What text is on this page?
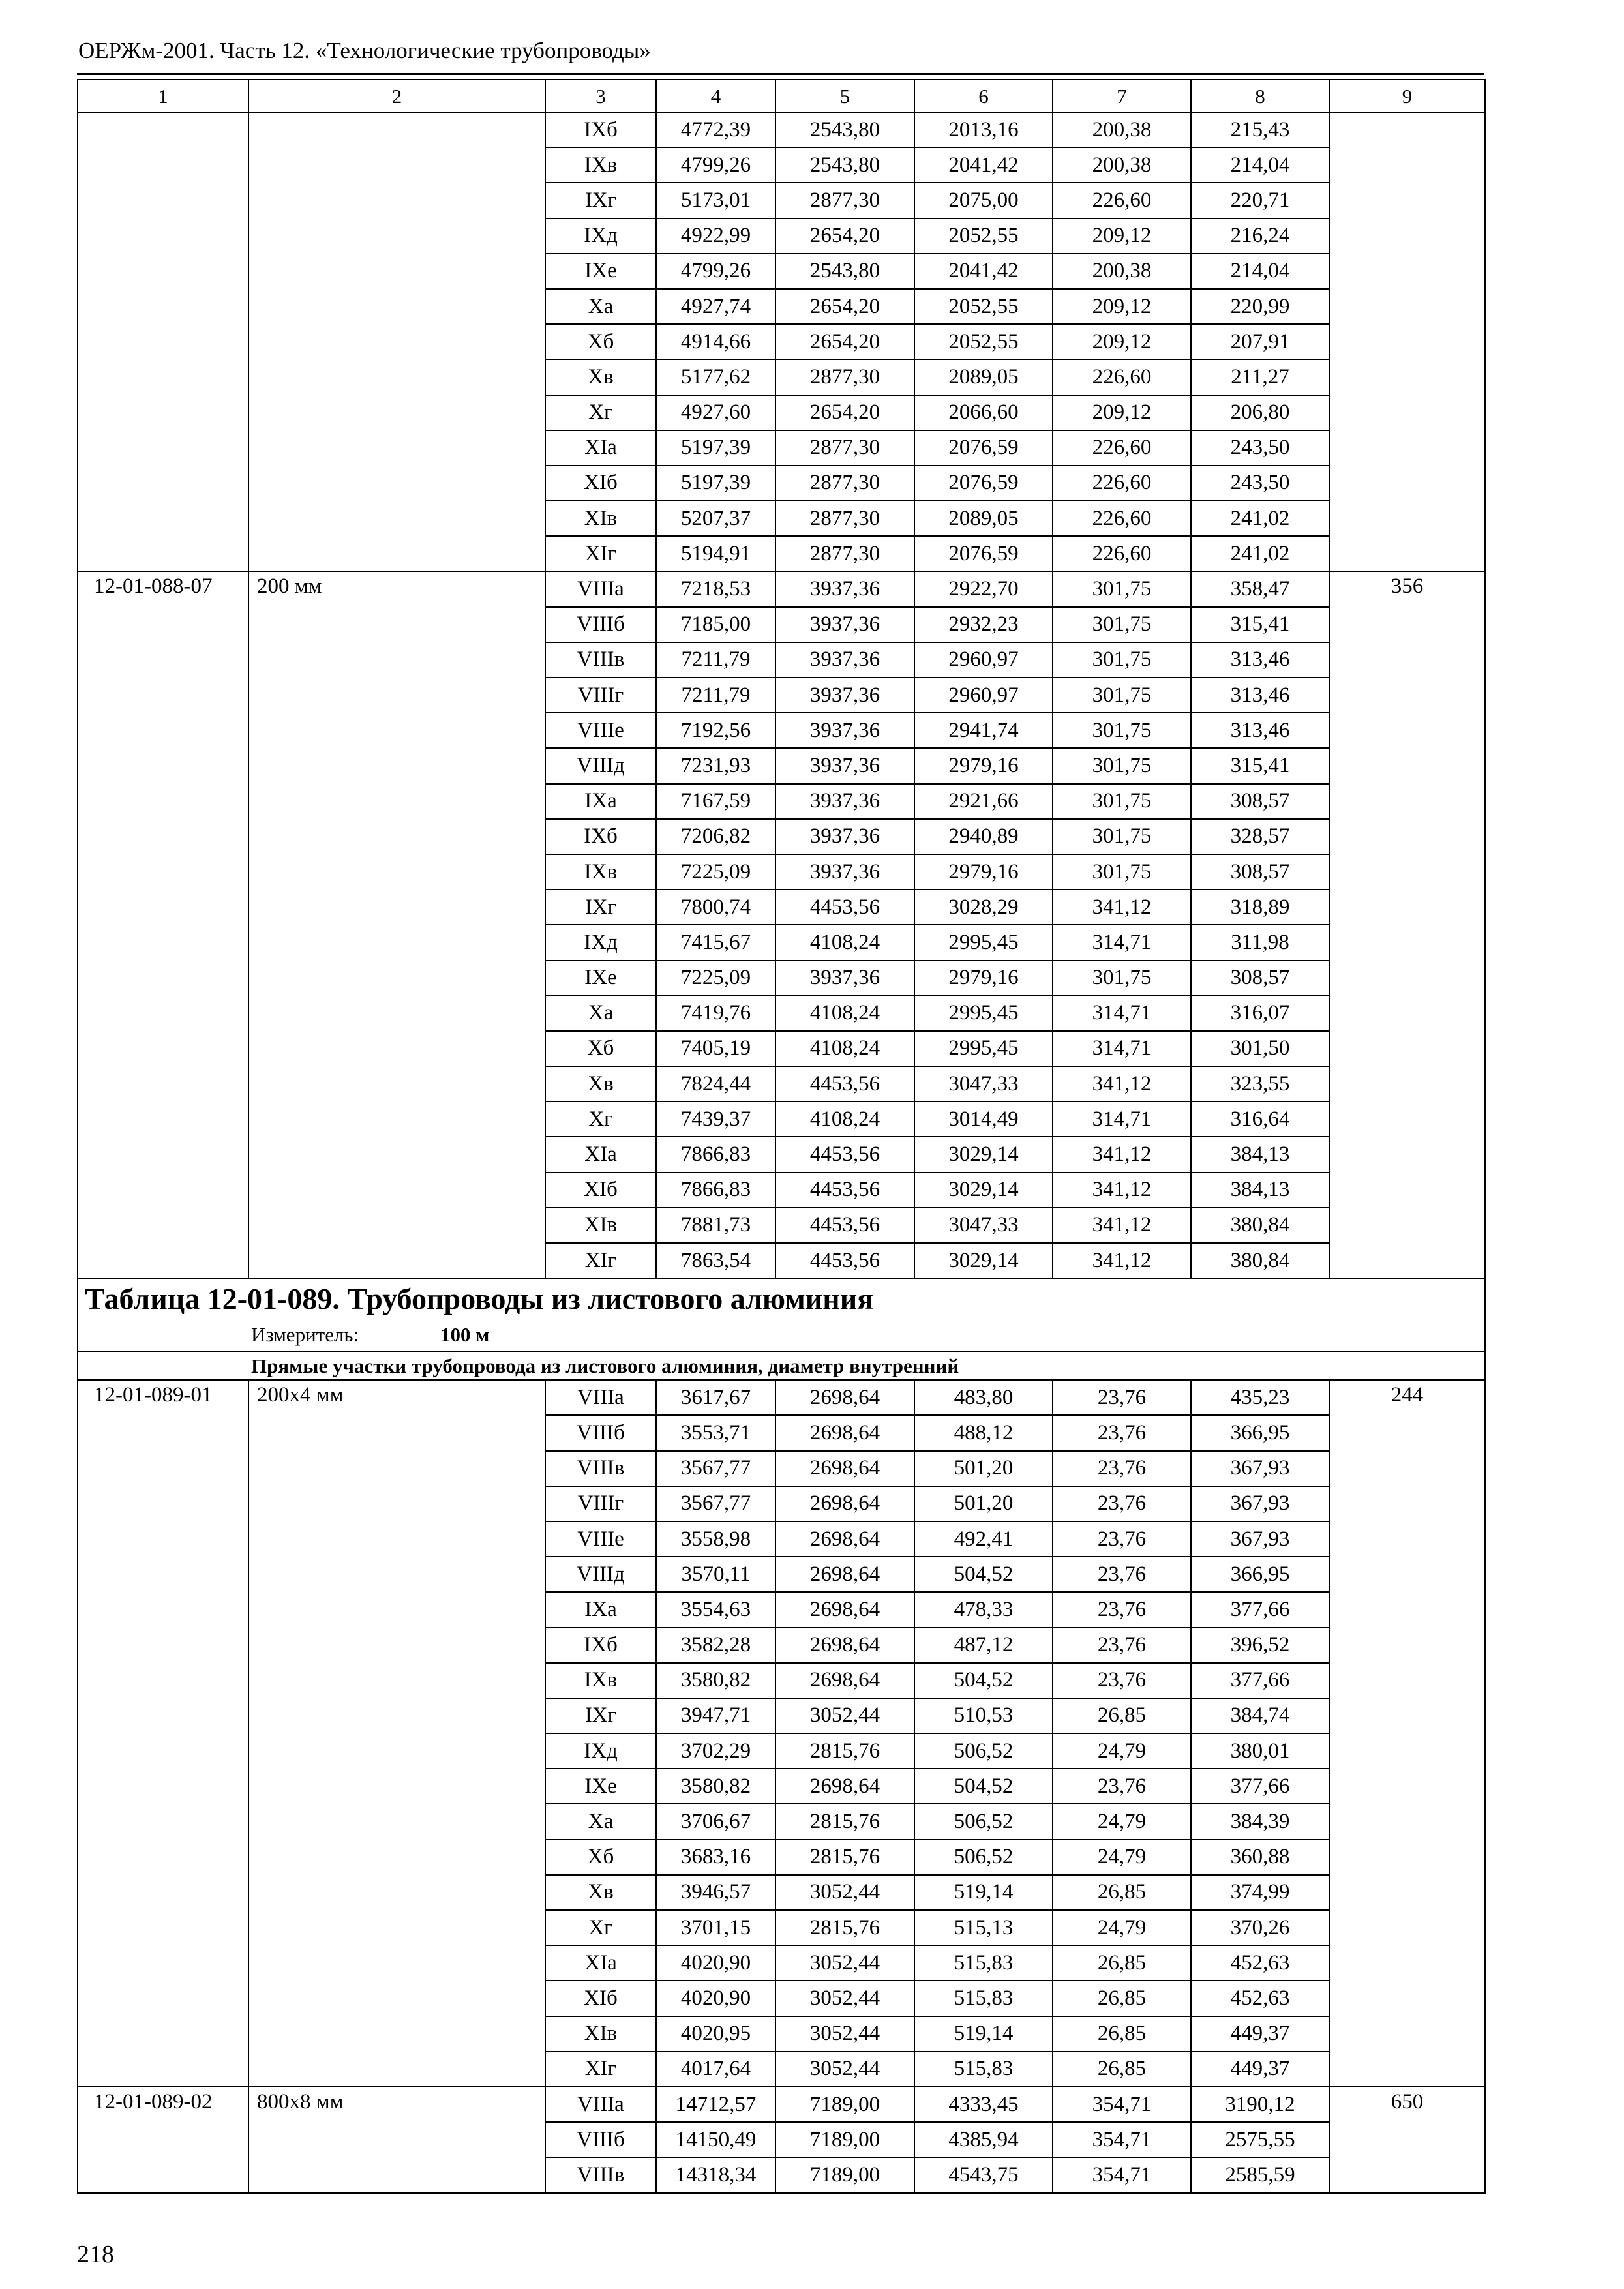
ОЕРЖм-2001. Часть 12. «Технологические трубопроводы»
1	2	3	4	5	6	7	8	9
		IXб	4772,39	2543,80	2013,16	200,38	215,43	
		IXв	4799,26	2543,80	2041,42	200,38	214,04	
		IXг	5173,01	2877,30	2075,00	226,60	220,71	
		IXд	4922,99	2654,20	2052,55	209,12	216,24	
		IXе	4799,26	2543,80	2041,42	200,38	214,04	
		Xа	4927,74	2654,20	2052,55	209,12	220,99	
		Xб	4914,66	2654,20	2052,55	209,12	207,91	
		Xв	5177,62	2877,30	2089,05	226,60	211,27	
		Xг	4927,60	2654,20	2066,60	209,12	206,80	
		XIа	5197,39	2877,30	2076,59	226,60	243,50	
		XIб	5197,39	2877,30	2076,59	226,60	243,50	
		XIв	5207,37	2877,30	2089,05	226,60	241,02	
		XIг	5194,91	2877,30	2076,59	226,60	241,02	
12-01-088-07	200 мм	VIIIа	7218,53	3937,36	2922,70	301,75	358,47	356
		VIIIб	7185,00	3937,36	2932,23	301,75	315,41	
		VIIIв	7211,79	3937,36	2960,97	301,75	313,46	
		VIIIг	7211,79	3937,36	2960,97	301,75	313,46	
		VIIIе	7192,56	3937,36	2941,74	301,75	313,46	
		VIIIд	7231,93	3937,36	2979,16	301,75	315,41	
		IXа	7167,59	3937,36	2921,66	301,75	308,57	
		IXб	7206,82	3937,36	2940,89	301,75	328,57	
		IXв	7225,09	3937,36	2979,16	301,75	308,57	
		IXг	7800,74	4453,56	3028,29	341,12	318,89	
		IXд	7415,67	4108,24	2995,45	314,71	311,98	
		IXе	7225,09	3937,36	2979,16	301,75	308,57	
		Xа	7419,76	4108,24	2995,45	314,71	316,07	
		Xб	7405,19	4108,24	2995,45	314,71	301,50	
		Xв	7824,44	4453,56	3047,33	341,12	323,55	
		Xг	7439,37	4108,24	3014,49	314,71	316,64	
		XIа	7866,83	4453,56	3029,14	341,12	384,13	
		XIб	7866,83	4453,56	3029,14	341,12	384,13	
		XIв	7881,73	4453,56	3047,33	341,12	380,84	
		XIг	7863,54	4453,56	3029,14	341,12	380,84	
Таблица 12-01-089. Трубопроводы из листового алюминия								
Измеритель: 100 м								
Прямые участки трубопровода из листового алюминия, диаметр внутренний								
12-01-089-01	200х4 мм	VIIIа	3617,67	2698,64	483,80	23,76	435,23	244
		VIIIб	3553,71	2698,64	488,12	23,76	366,95	
		VIIIв	3567,77	2698,64	501,20	23,76	367,93	
		VIIIг	3567,77	2698,64	501,20	23,76	367,93	
		VIIIе	3558,98	2698,64	492,41	23,76	367,93	
		VIIIд	3570,11	2698,64	504,52	23,76	366,95	
		IXа	3554,63	2698,64	478,33	23,76	377,66	
		IXб	3582,28	2698,64	487,12	23,76	396,52	
		IXв	3580,82	2698,64	504,52	23,76	377,66	
		IXг	3947,71	3052,44	510,53	26,85	384,74	
		IXд	3702,29	2815,76	506,52	24,79	380,01	
		IXе	3580,82	2698,64	504,52	23,76	377,66	
		Xа	3706,67	2815,76	506,52	24,79	384,39	
		Xб	3683,16	2815,76	506,52	24,79	360,88	
		Xв	3946,57	3052,44	519,14	26,85	374,99	
		Xг	3701,15	2815,76	515,13	24,79	370,26	
		XIа	4020,90	3052,44	515,83	26,85	452,63	
		XIб	4020,90	3052,44	515,83	26,85	452,63	
		XIв	4020,95	3052,44	519,14	26,85	449,37	
		XIг	4017,64	3052,44	515,83	26,85	449,37	
12-01-089-02	800х8 мм	VIIIа	14712,57	7189,00	4333,45	354,71	3190,12	650
		VIIIб	14150,49	7189,00	4385,94	354,71	2575,55	
		VIIIв	14318,34	7189,00	4543,75	354,71	2585,59	
218
